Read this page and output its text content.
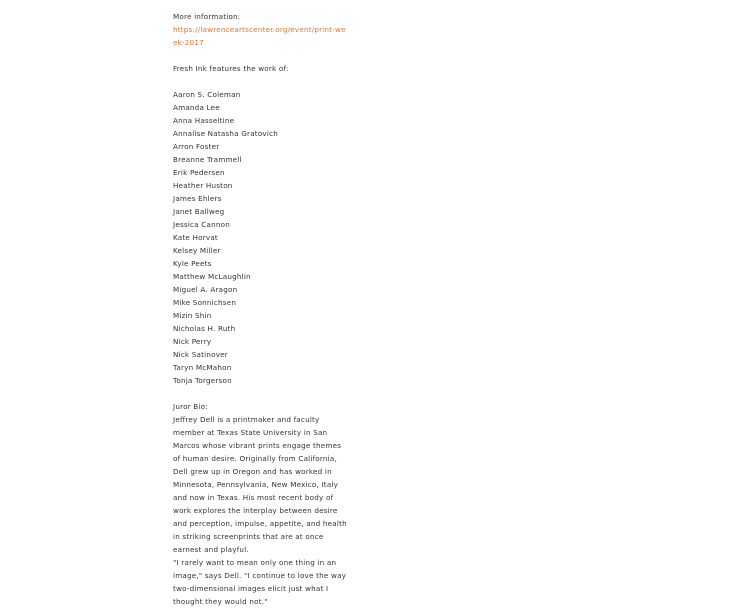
More information:

https://lawrenceartscenter.org/event/print-week-2017

Fresh Ink features the work of:

Aaron S. Coleman
Amanda Lee
Anna Hasseltine
Annalise Natasha Gratovich
Arron Foster
Breanne Trammell
Erik Pedersen
Heather Huston
James Ehlers
Janet Ballweg
Jessica Cannon
Kate Horvat
Kelsey Miller
Kyle Peets
Matthew McLaughlin
Miguel A. Aragon
Mike Sonnichsen
Mizin Shin
Nicholas H. Ruth
Nick Perry
Nick Satinover
Taryn McMahon
Tonja Torgerson

Juror Bio:

Jeffrey Dell is a printmaker and faculty member at Texas State University in San Marcos whose vibrant prints engage themes of human desire. Originally from California, Dell grew up in Oregon and has worked in Minnesota, Pennsylvania, New Mexico, Italy and now in Texas. His most recent body of work explores the interplay between desire and perception, impulse, appetite, and health in striking screenprints that are at once earnest and playful.

"I rarely want to mean only one thing in an image," says Dell. "I continue to love the way two-dimensional images elicit just what I thought they would not."
